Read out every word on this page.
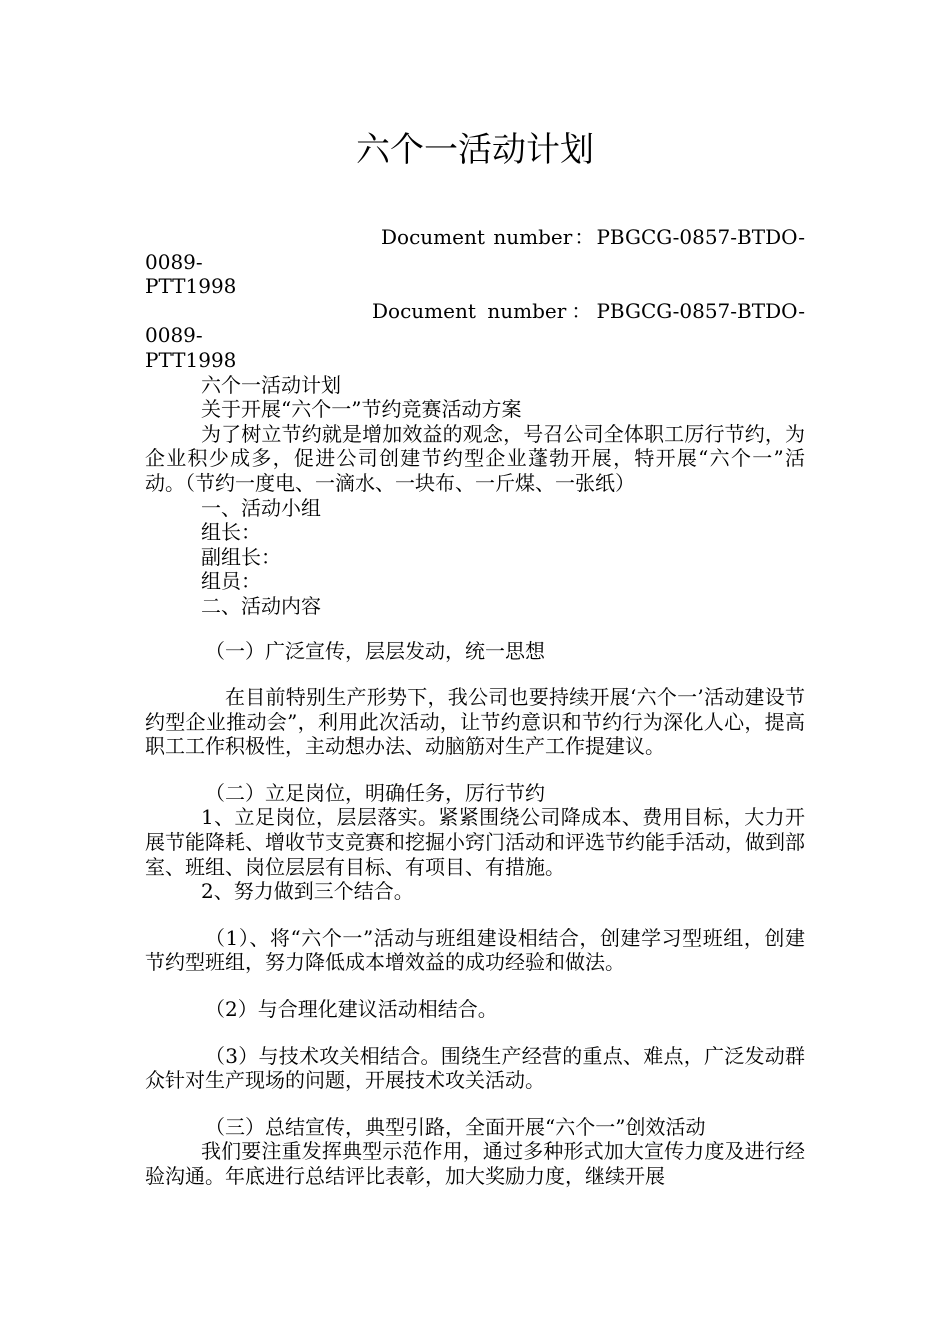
六个一活动计划

Document number：PBGCG-0857-BTDO-0089-
PTT1998

Document number：PBGCG-0857-BTDO-0089-
PTT1998

六个一活动计划

关于开展“六个一”节约竞赛活动方案

为了树立节约就是增加效益的观念，号召公司全体职工厉行节约，为企业积少成多，促进公司创建节约型企业蓬勃开展，特开展“六个一”活动。（节约一度电、一滴水、一块布、一斤煤、一张纸）

一、活动小组

组长：

副组长：

组员：

二、活动内容

（一）广泛宣传，层层发动，统一思想

在目前特别生产形势下，我公司也要持续开展‘六个一’活动建设节约型企业推动会”，利用此次活动，让节约意识和节约行为深化人心，提高职工工作积极性，主动想办法、动脑筋对生产工作提建议。

（二）立足岗位，明确任务，厉行节约

1、立足岗位，层层落实。紧紧围绕公司降成本、费用目标，大力开展节能降耗、增收节支竞赛和挖掘小窍门活动和评选节约能手活动，做到部室、班组、岗位层层有目标、有项目、有措施。

2、努力做到三个结合。

（1）、将“六个一”活动与班组建设相结合，创建学习型班组，创建节约型班组，努力降低成本增效益的成功经验和做法。

（2）与合理化建议活动相结合。

（3）与技术攻关相结合。围绕生产经营的重点、难点，广泛发动群众针对生产现场的问题，开展技术攻关活动。

（三）总结宣传，典型引路，全面开展“六个一”创效活动

我们要注重发挥典型示范作用，通过多种形式加大宣传力度及进行经验沟通。年底进行总结评比表彰，加大奖励力度，继续开展
